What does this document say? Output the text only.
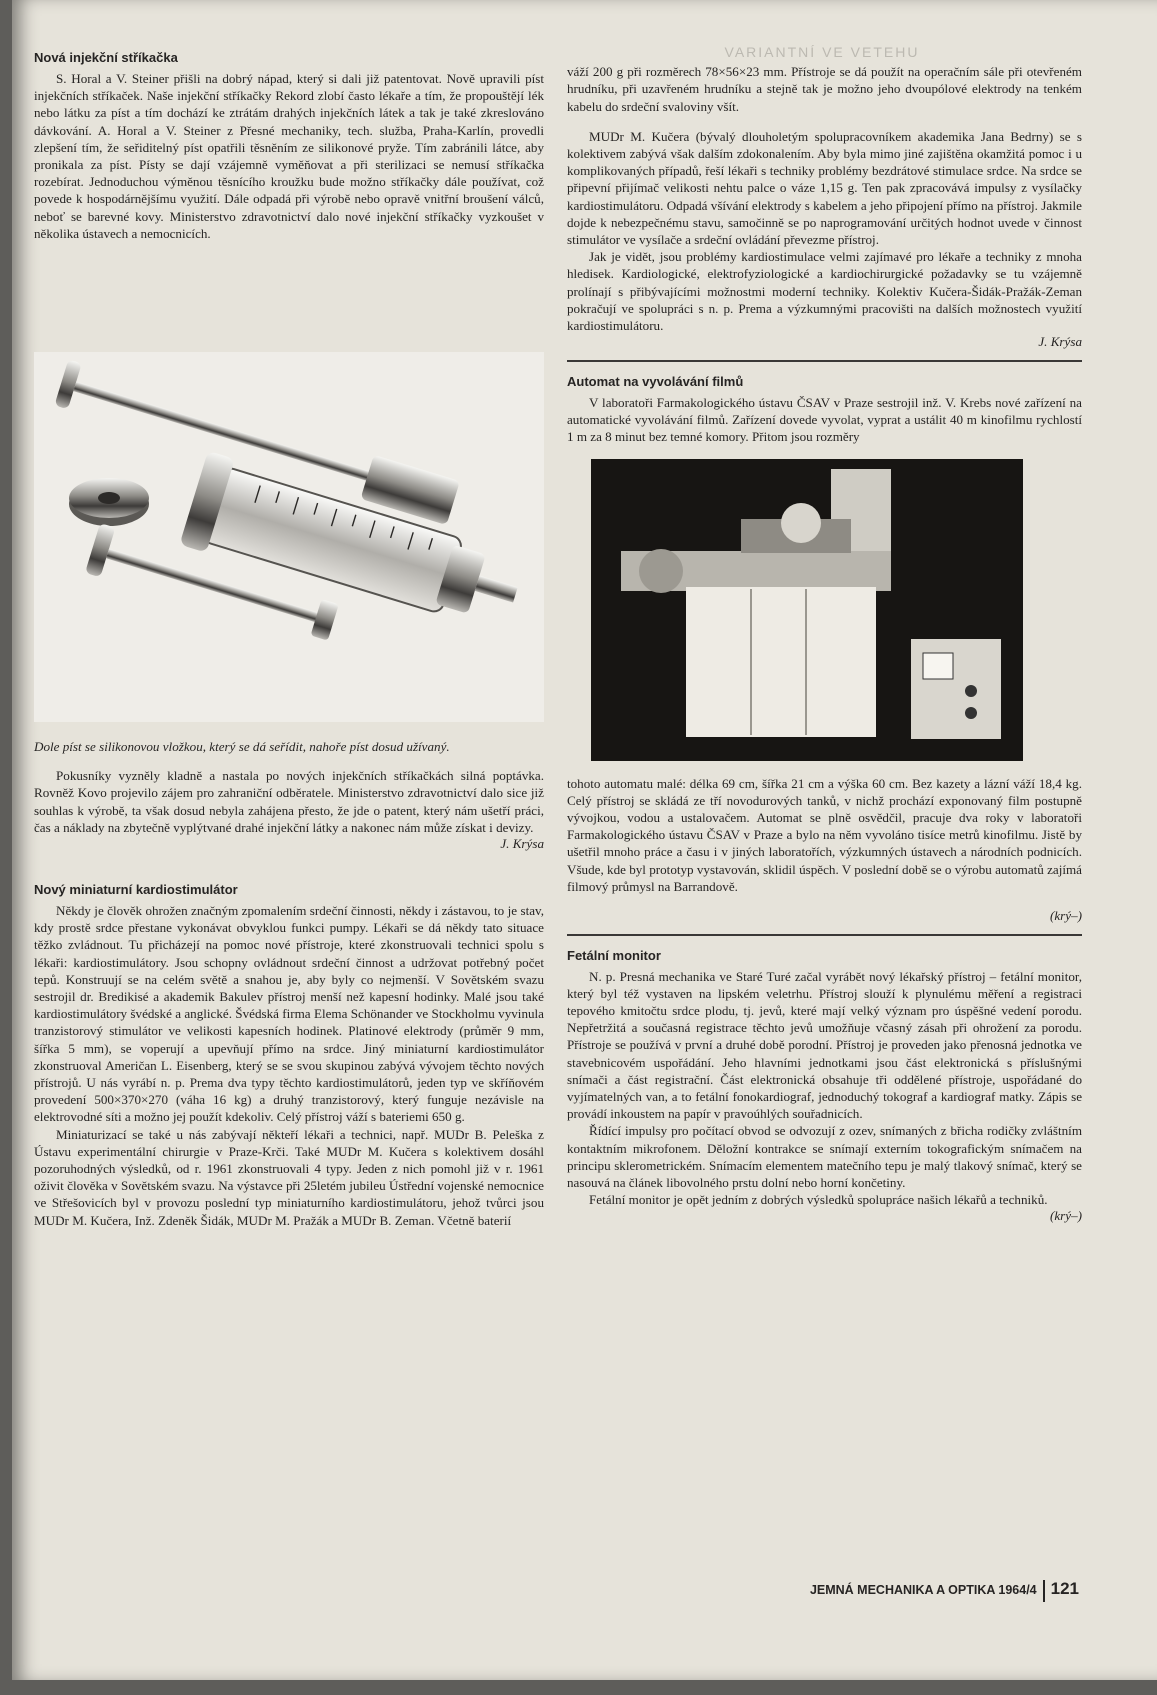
VARIANTNÍ VE VETEHU
Nová injekční stříkačka

S. Horal a V. Steiner přišli na dobrý nápad, který si dali již patentovat. Nově upravili píst injekčních stříkaček. Naše injekční stříkačky Rekord zlobí často lékaře a tím, že propouštějí lék nebo látku za píst a tím dochází ke ztrátám drahých injekčních látek a tak je také zkreslováno dávkování. A. Horal a V. Steiner z Přesné mechaniky, tech. služba, Praha-Karlín, provedli zlepšení tím, že seřiditelný píst opatřili těsněním ze silikonové pryže. Tím zabránili látce, aby pronikala za píst. Písty se dají vzájemně vyměňovat a při sterilizaci se nemusí stříkačka rozebírat. Jednoduchou výměnou těsnícího kroužku bude možno stříkačky dále používat, což povede k hospodárnějšímu využití. Dále odpadá při výrobě nebo opravě vnitřní broušení válců, neboť se barevné kovy. Ministerstvo zdravotnictví dalo nové injekční stříkačky vyzkoušet v několika ústavech a nemocnicích.

Dole píst se silikonovou vložkou, který se dá seřídit, nahoře píst dosud užívaný.

Pokusníky vyzněly kladně a nastala po nových injekčních stříkačkách silná poptávka. Rovněž Kovo projevilo zájem pro zahraniční odběratele. Ministerstvo zdravotnictví dalo sice již souhlas k výrobě, ta však dosud nebyla zahájena přesto, že jde o patent, který nám ušetří práci, čas a nákladу na zbytečně vyplýtvané drahé injekční látky a nakonec nám může získat i devizy.

J. Krýsa

Nový miniaturní kardiostimulátor

Někdy je člověk ohrožen značným zpomalením srdeční činnosti, někdy i zástavou, to je stav, kdy prostě srdce přestane vykonávat obvyklou funkci pumpy. Lékaři se dá někdy tato situace těžko zvládnout. Tu přicházejí na pomoc nové přístroje, které zkonstruovali technici spolu s lékaři: kardiostimulátory. Jsou schopny ovládnout srdeční činnost a udržovat potřebný počet tepů. Konstruují se na celém světě a snahou je, aby byly co nejmenší. V Sovětském svazu sestrojil dr. Bredikisé a akademik Bakulev přístroj menší než kapesní hodinky. Malé jsou také kardiostimulátory švédské a anglické. Švédská firma Elema Schönander ve Stockholmu vyvinula tranzistorový stimulátor ve velikosti kapesních hodinek. Platinové elektrody (průměr 9 mm, šířka 5 mm), se voperují a upevňují přímo na srdce. Jiný miniaturní kardiostimulátor zkonstruoval Američan L. Eisenberg, který se se svou skupinou zabývá vývojem těchto nových přístrojů. U nás vyrábí n. p. Prema dva typy těchto kardiostimulátorů, jeden typ ve skříňovém provedení 500×370×270 (váha 16 kg) a druhý tranzistorový, který funguje nezávisle na elektrovodné síti a možno jej použít kdekoliv. Celý přístroj váží s bateriemi 650 g.

Miniaturizací se také u nás zabývají někteří lékaři a technici, např. MUDr B. Peleška z Ústavu experimentální chirurgie v Praze-Krči. Také MUDr M. Kučera s kolektivem dosáhl pozoruhodných výsledků, od r. 1961 zkonstruovali 4 typy. Jeden z nich pomohl již v r. 1961 oživit člověka v Sovětském svazu. Na výstavce při 25letém jubileu Ústřední vojenské nemocnice ve Střešovicích byl v provozu poslední typ miniaturního kardiostimulátoru, jehož tvůrci jsou MUDr M. Kučera, Inž. Zdeněk Šidák, MUDr M. Pražák a MUDr B. Zeman. Včetně baterií

váží 200 g při rozměrech 78×56×23 mm. Přístroje se dá použít na operačním sále při otevřeném hrudníku, při uzavřeném hrudníku a stejně tak je možno jeho dvoupólové elektrody na tenkém kabelu do srdeční svaloviny všít.

MUDr M. Kučera (bývalý dlouholetým spolupracovníkem akademika Jana Bedrny) se s kolektivem zabývá však dalším zdokonalením. Aby byla mimo jiné zajištěna okamžitá pomoc i u komplikovaných případů, řeší lékaři s techniky problémy bezdrátové stimulace srdce. Na srdce se připevní přijímač velikosti nehtu palce o váze 1,15 g. Ten pak zpracovává impulsy z vysílačky kardiostimulátoru. Odpadá všívání elektrody s kabelem a jeho připojení přímo na přístroj. Jakmile dojde k nebezpečnému stavu, samočinně se po naprogramování určitých hodnot uvede v činnost stimulátor ve vysílače a srdeční ovládání převezme přístroj.

Jak je vidět, jsou problémy kardiostimulace velmi zajímavé pro lékaře a techniky z mnoha hledisek. Kardiologické, elektrofyziologické a kardiochirurgické požadavky se tu vzájemně prolínají s přibývajícími možnostmi moderní techniky. Kolektiv Kučera-Šidák-Pražák-Zeman pokračují ve spolupráci s n. p. Prema a výzkumnými pracovišti na dalších možnostech využití kardiostimulátoru.

J. Krýsa

Automat na vyvolávání filmů

V laboratoři Farmakologického ústavu ČSAV v Praze sestrojil inž. V. Krebs nové zařízení na automatické vyvolávání filmů. Zařízení dovede vyvolat, vyprat a ustálit 40 m kinofilmu rychlostí 1 m za 8 minut bez temné komory. Přitom jsou rozměry

tohoto automatu malé: délka 69 cm, šířka 21 cm a výška 60 cm. Bez kazety a lázní váží 18,4 kg. Celý přístroj se skládá ze tří novodurových tanků, v nichž prochází exponovaný film postupně vývojkou, vodou a ustalovačem. Automat se plně osvědčil, pracuje dva roky v laboratoři Farmakologického ústavu ČSAV v Praze a bylo na něm vyvoláno tisíce metrů kinofilmu. Jistě by ušetřil mnoho práce a času i v jiných laboratořích, výzkumných ústavech a národních podnicích. Všude, kde byl prototyp vystavován, sklidil úspěch. V poslední době se o výrobu automatů zajímá filmový průmysl na Barrandově.

(krý–)

Fetální monitor

N. p. Presná mechanika ve Staré Turé začal vyrábět nový lékařský přístroj – fetální monitor, který byl též vystaven na lipském veletrhu. Přístroj slouží k plynulému měření a registraci tepového kmitočtu srdce plodu, tj. jevů, které mají velký význam pro úspěšné vedení porodu. Nepřetržitá a současná registrace těchto jevů umožňuje včasný zásah při ohrožení za porodu. Přístroje se používá v první a druhé době porodní. Přístroj je proveden jako přenosná jednotka ve stavebnicovém uspořádání. Jeho hlavními jednotkami jsou část elektronická s příslušnými snímači a část registrační. Část elektronická obsahuje tři oddělené přístroje, uspořádané do vyjímatelných van, a to fetální fonokardiograf, jednoduchý tokograf a kardiograf matky. Zápis se provádí inkoustem na papír v pravoúhlých souřadnicích.

Řídící impulsy pro počítací obvod se odvozují z ozev, snímaných z břicha rodičky zvláštním kontaktním mikrofonem. Děložní kontrakce se snímají externím tokografickým snímačem na principu sklerometrickém. Snímacím elementem matečního tepu je malý tlakový snímač, který se nasouvá na článek libovolného prstu dolní nebo horní končetiny.

Fetální monitor je opět jedním z dobrých výsledků spolupráce našich lékařů a techniků.

(krý–)

JEMNÁ MECHANIKA A OPTIKA 1964/4 121
